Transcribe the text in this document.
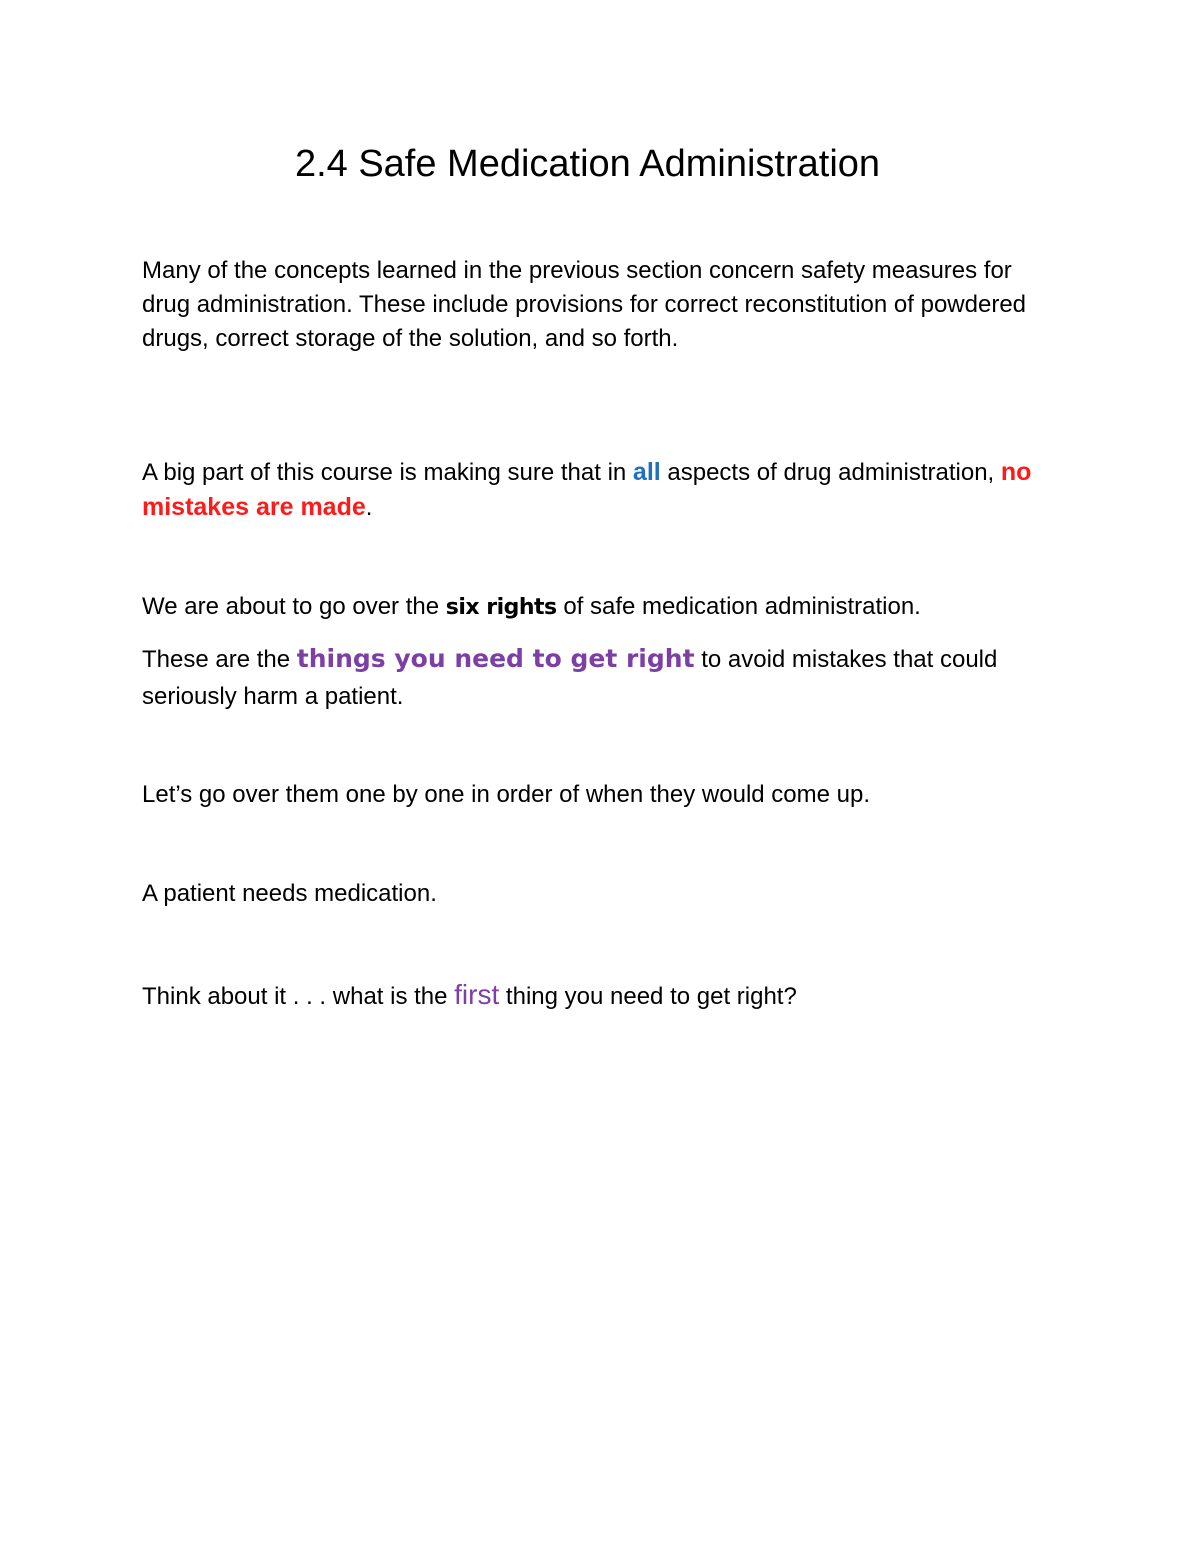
2.4 Safe Medication Administration

Many of the concepts learned in the previous section concern safety measures for drug administration. These include provisions for correct reconstitution of powdered drugs, correct storage of the solution, and so forth.

A big part of this course is making sure that in all aspects of drug administration, no mistakes are made.

We are about to go over the six rights of safe medication administration.

These are the things you need to get right to avoid mistakes that could seriously harm a patient.

Let’s go over them one by one in order of when they would come up.

A patient needs medication.

Think about it . . . what is the first thing you need to get right?
